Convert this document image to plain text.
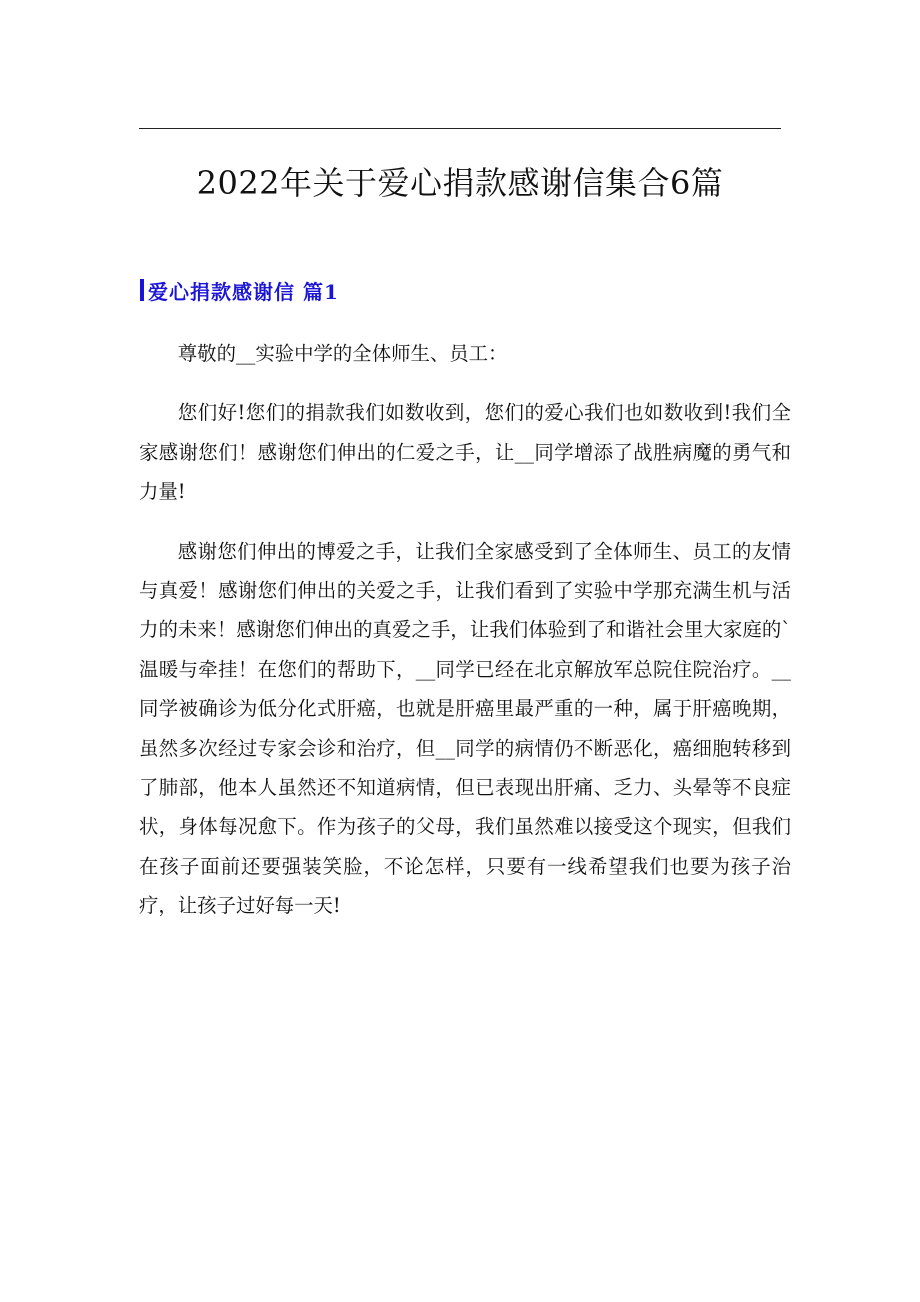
2022年关于爱心捐款感谢信集合6篇
爱心捐款感谢信 篇1

尊敬的__实验中学的全体师生、员工：

您们好!您们的捐款我们如数收到，您们的爱心我们也如数收到!我们全家感谢您们！感谢您们伸出的仁爱之手，让__同学增添了战胜病魔的勇气和力量!

感谢您们伸出的博爱之手，让我们全家感受到了全体师生、员工的友情与真爱！感谢您们伸出的关爱之手，让我们看到了实验中学那充满生机与活力的未来！感谢您们伸出的真爱之手，让我们体验到了和谐社会里大家庭的`温暖与牵挂！在您们的帮助下，__同学已经在北京解放军总院住院治疗。__同学被确诊为低分化式肝癌，也就是肝癌里最严重的一种，属于肝癌晚期，虽然多次经过专家会诊和治疗，但__同学的病情仍不断恶化，癌细胞转移到了肺部，他本人虽然还不知道病情，但已表现出肝痛、乏力、头晕等不良症状，身体每况愈下。作为孩子的父母，我们虽然难以接受这个现实，但我们在孩子面前还要强装笑脸，不论怎样，只要有一线希望我们也要为孩子治疗，让孩子过好每一天!
